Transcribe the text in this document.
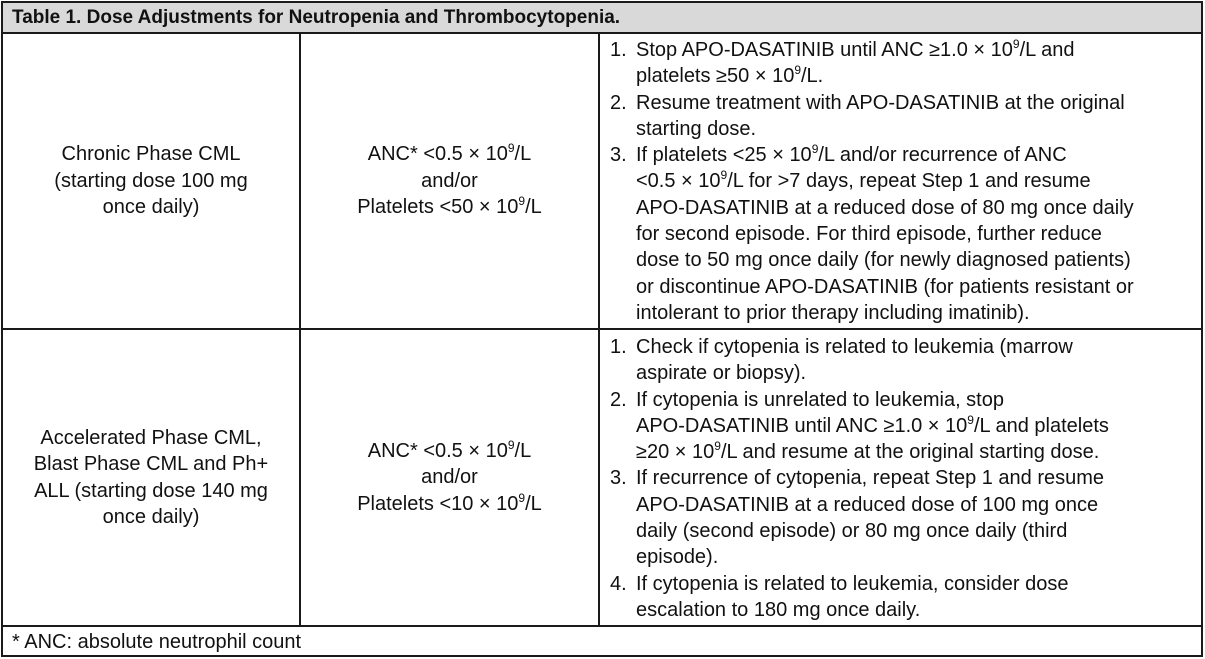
Table 1. Dose Adjustments for Neutropenia and Thrombocytopenia.
Chronic Phase CML
(starting dose 100 mg
once daily)
$ANC* <0.5 \times 10^9/L$
and/or
Platelets $<50 \times 10^9/L$
1. Stop APO-DASATINIB until ANC $\ge 1.0 \times 10^9/L$ and
platelets $\ge 50 \times 10^9/L$.
2. Resume treatment with APO-DASATINIB at the original
starting dose.
3. If platelets $<25 \times 10^9/L$ and/or recurrence of ANC
$<0.5 \times 10^9/L$ for >7 days, repeat Step 1 and resume
APO-DASATINIB at a reduced dose of 80 mg once daily
for second episode. For third episode, further reduce
dose to 50 mg once daily (for newly diagnosed patients)
or discontinue APO-DASATINIB (for patients resistant or
intolerant to prior therapy including imatinib).
Accelerated Phase CML,
Blast Phase CML and Ph+
ALL (starting dose 140 mg
once daily)
$ANC* <0.5 \times 10^9/L$
and/or
Platelets $<10 \times 10^9/L$
1. Check if cytopenia is related to leukemia (marrow
aspirate or biopsy).
2. If cytopenia is unrelated to leukemia, stop
APO-DASATINIB until ANC $\ge 1.0 \times 10^9/L$ and platelets
$\ge 20 \times 10^9/L$ and resume at the original starting dose.
3. If recurrence of cytopenia, repeat Step 1 and resume
APO-DASATINIB at a reduced dose of 100 mg once
daily (second episode) or 80 mg once daily (third
episode).
4. If cytopenia is related to leukemia, consider dose
escalation to 180 mg once daily.
* ANC: absolute neutrophil count
